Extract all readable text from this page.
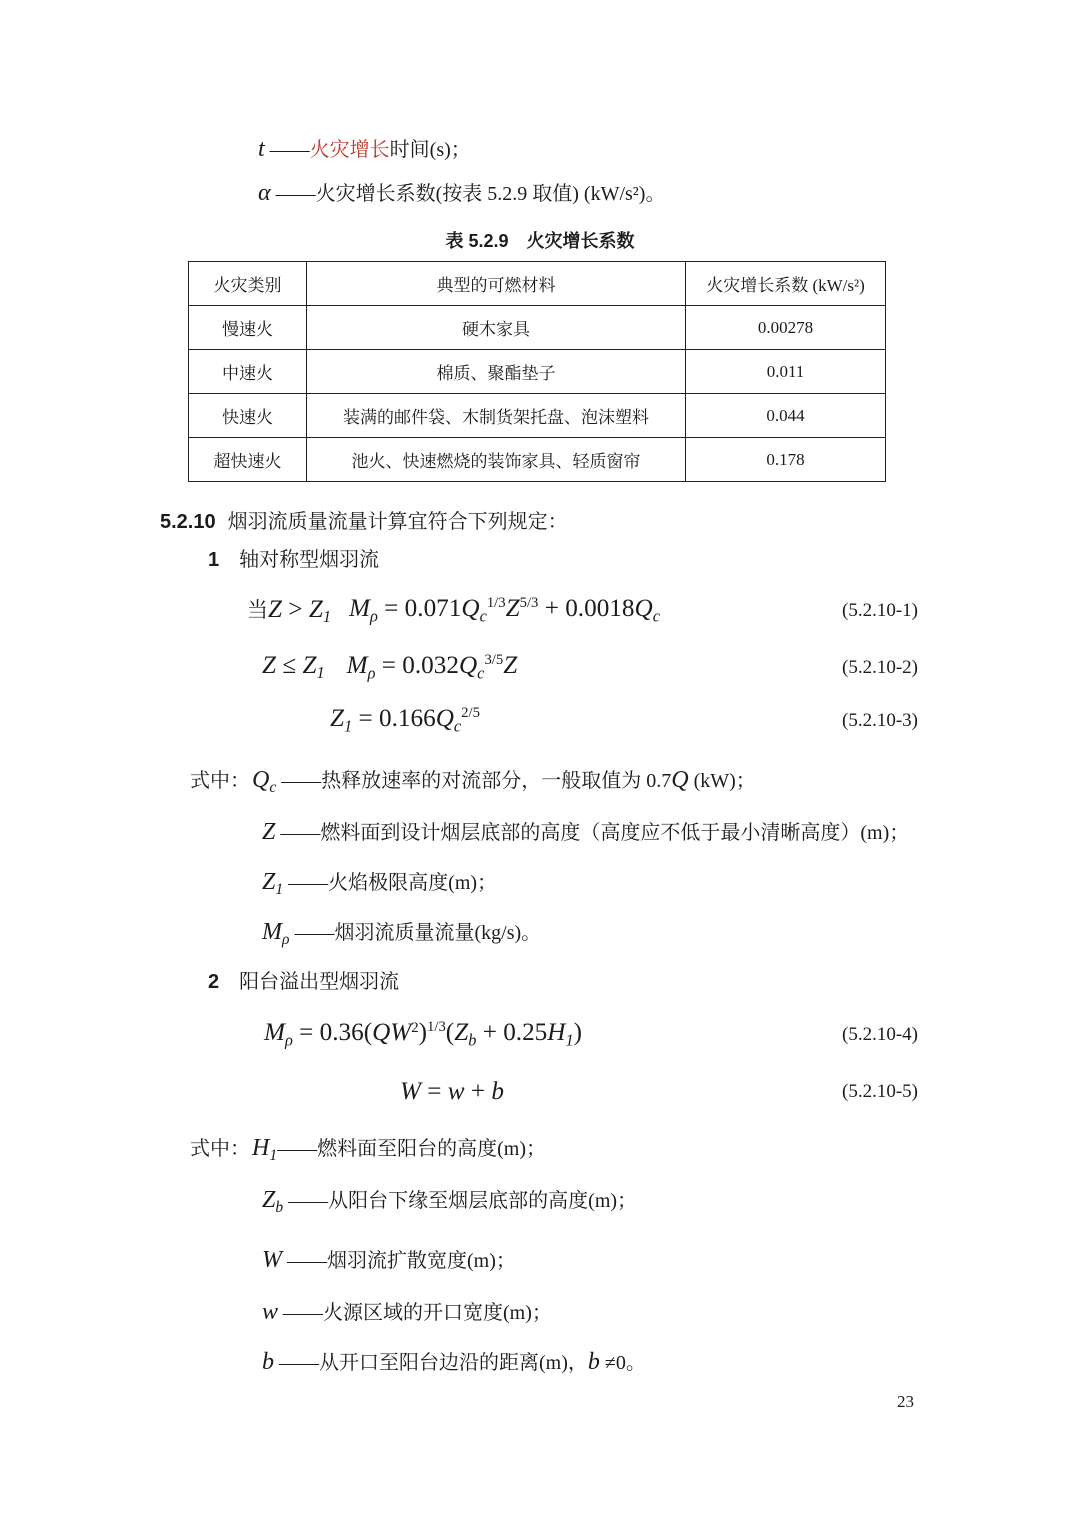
t ——火灾增长时间(s)；

α ——火灾增长系数(按表 5.2.9 取值) (kW/s²)。

表 5.2.9 火灾增长系数

火灾类别	典型的可燃材料	火灾增长系数 (kW/s²)
慢速火	硬木家具	0.00278
中速火	棉质、聚酯垫子	0.011
快速火	装满的邮件袋、木制货架托盘、泡沫塑料	0.044
超快速火	池火、快速燃烧的装饰家具、轻质窗帘	0.178

5.2.10 烟羽流质量流量计算宜符合下列规定：

1 轴对称型烟羽流

当$Z > Z_1$ $M_\rho = 0.071Q_c^{1/3}Z^{5/3} + 0.0018Q_c$	(5.2.10-1)
$Z \le Z_1$ $M_\rho = 0.032Q_c^{3/5}Z$	(5.2.10-2)
$Z_1 = 0.166Q_c^{2/5}$	(5.2.10-3)

式中：$Q_c$ ——热释放速率的对流部分，一般取值为 0.7Q (kW)；

Z ——燃料面到设计烟层底部的高度（高度应不低于最小清晰高度）(m)；

$Z_1$ ——火焰极限高度(m)；

$M_\rho$ ——烟羽流质量流量(kg/s)。

2 阳台溢出型烟羽流

$M_\rho = 0.36(QW^2)^{1/3}(Z_b + 0.25H_1)$	(5.2.10-4)
W = w + b	(5.2.10-5)

式中：$H_1——$燃料面至阳台的高度(m)；

$Z_b$ ——从阳台下缘至烟层底部的高度(m)；

W ——烟羽流扩散宽度(m)；

w ——火源区域的开口宽度(m)；

b ——从开口至阳台边沿的距离(m)，b ≠0。

23
